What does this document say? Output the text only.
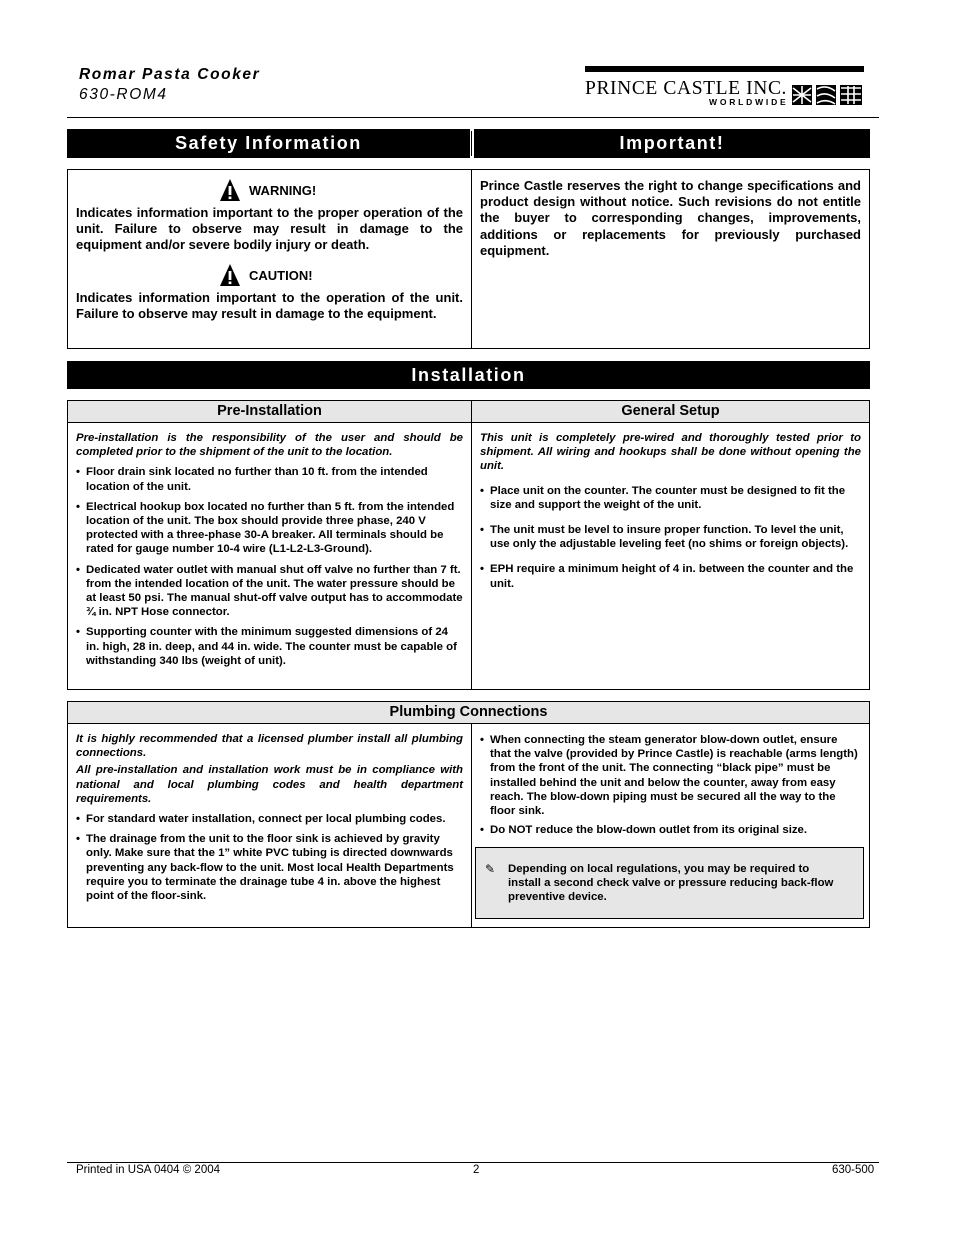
Romar Pasta Cooker
630-ROM4	PRINCE CASTLE INC.
WORLDWIDE
Safety Information	Important!
WARNING!
Indicates information important to the proper operation of the unit. Failure to observe may result in damage to the equipment and/or severe bodily injury or death.
CAUTION!
Indicates information important to the operation of the unit. Failure to observe may result in damage to the equipment.
Prince Castle reserves the right to change specifications and product design without notice. Such revisions do not entitle the buyer to corresponding changes, improvements, additions or replacements for previously purchased equipment.
Installation
Pre-Installation	General Setup

Pre-installation is the responsibility of the user and should be completed prior to the shipment of the unit to the location.

• Floor drain sink located no further than 10 ft. from the intended location of the unit.
• Electrical hookup box located no further than 5 ft. from the intended location of the unit. The box should provide three phase, 240 V protected with a three-phase 30-A breaker. All terminals should be rated for gauge number 10-4 wire (L1-L2-L3-Ground).
• Dedicated water outlet with manual shut off valve no further than 7 ft. from the intended location of the unit. The water pressure should be at least 50 psi. The manual shut-off valve output has to accommodate ¾ in. NPT Hose connector.
• Supporting counter with the minimum suggested dimensions of 24 in. high, 28 in. deep, and 44 in. wide. The counter must be capable of withstanding 340 lbs (weight of unit).

This unit is completely pre-wired and thoroughly tested prior to shipment. All wiring and hookups shall be done without opening the unit.

• Place unit on the counter. The counter must be designed to fit the size and support the weight of the unit.
• The unit must be level to insure proper function. To level the unit, use only the adjustable leveling feet (no shims or foreign objects).
• EPH require a minimum height of 4 in. between the counter and the unit.
Plumbing Connections

It is highly recommended that a licensed plumber install all plumbing connections.

All pre-installation and installation work must be in compliance with national and local plumbing codes and health department requirements.

• For standard water installation, connect per local plumbing codes.
• The drainage from the unit to the floor sink is achieved by gravity only. Make sure that the 1” white PVC tubing is directed downwards preventing any back-flow to the unit. Most local Health Departments require you to terminate the drainage tube 4 in. above the highest point of the floor-sink.
• When connecting the steam generator blow-down outlet, ensure that the valve (provided by Prince Castle) is reachable (arms length) from the front of the unit. The connecting “black pipe” must be installed behind the unit and below the counter, away from easy reach. The blow-down piping must be secured all the way to the floor sink.
• Do NOT reduce the blow-down outlet from its original size.
✎ Depending on local regulations, you may be required to install a second check valve or pressure reducing back-flow preventive device.
Printed in USA 0404 © 2004	2	630-500
